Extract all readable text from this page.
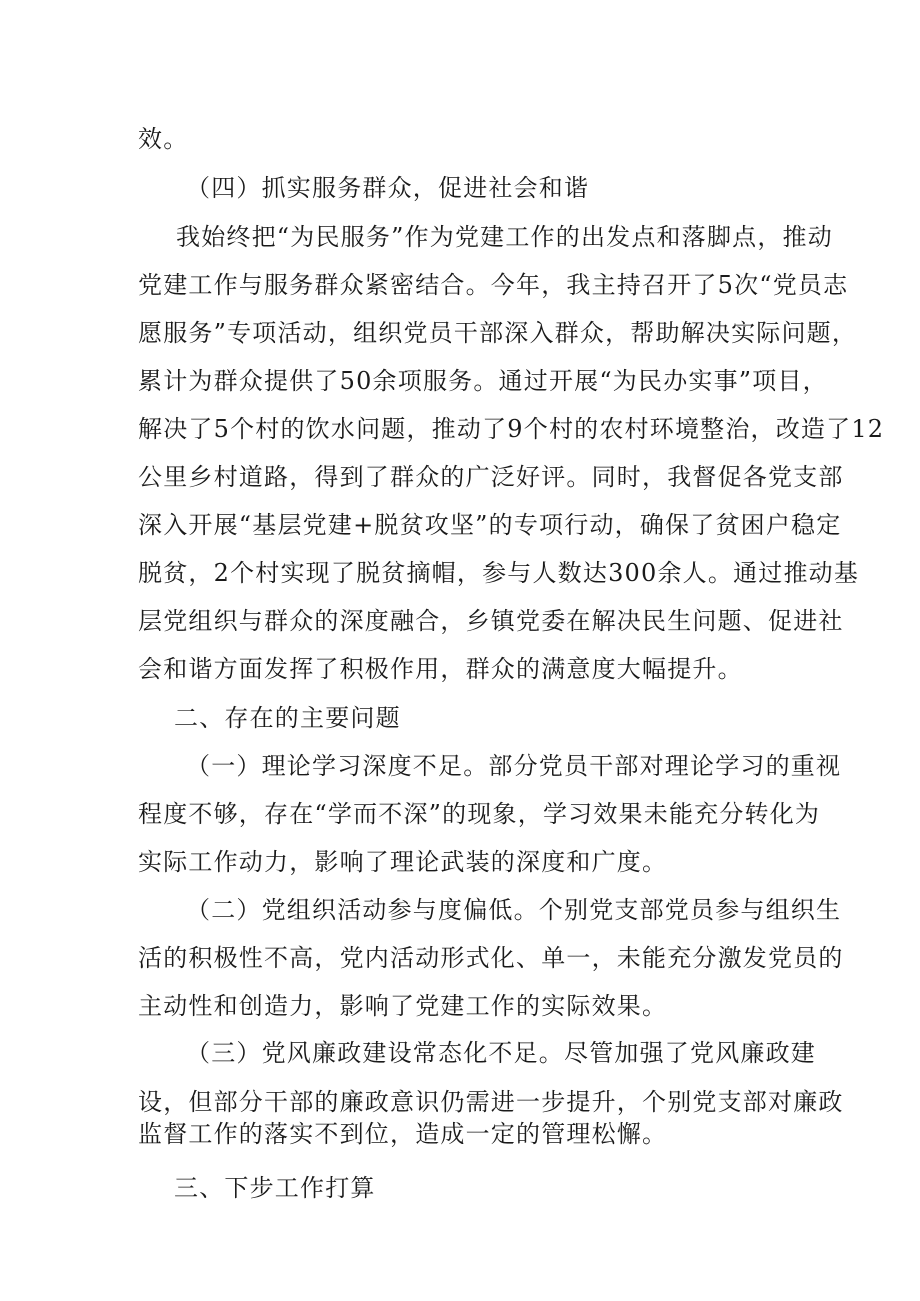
效。
（四）抓实服务群众，促进社会和谐
我始终把“为民服务”作为党建工作的出发点和落脚点，推动
党建工作与服务群众紧密结合。今年，我主持召开了5次“党员志
愿服务”专项活动，组织党员干部深入群众，帮助解决实际问题，
累计为群众提供了50余项服务。通过开展“为民办实事”项目，
解决了5个村的饮水问题，推动了9个村的农村环境整治，改造了12
公里乡村道路，得到了群众的广泛好评。同时，我督促各党支部
深入开展“基层党建+脱贫攻坚”的专项行动，确保了贫困户稳定
脱贫，2个村实现了脱贫摘帽，参与人数达300余人。通过推动基
层党组织与群众的深度融合，乡镇党委在解决民生问题、促进社
会和谐方面发挥了积极作用，群众的满意度大幅提升。
二、存在的主要问题
（一）理论学习深度不足。部分党员干部对理论学习的重视
程度不够，存在“学而不深”的现象，学习效果未能充分转化为
实际工作动力，影响了理论武装的深度和广度。
（二）党组织活动参与度偏低。个别党支部党员参与组织生
活的积极性不高，党内活动形式化、单一，未能充分激发党员的
主动性和创造力，影响了党建工作的实际效果。
（三）党风廉政建设常态化不足。尽管加强了党风廉政建
设，但部分干部的廉政意识仍需进一步提升，个别党支部对廉政
监督工作的落实不到位，造成一定的管理松懈。
三、下步工作打算
